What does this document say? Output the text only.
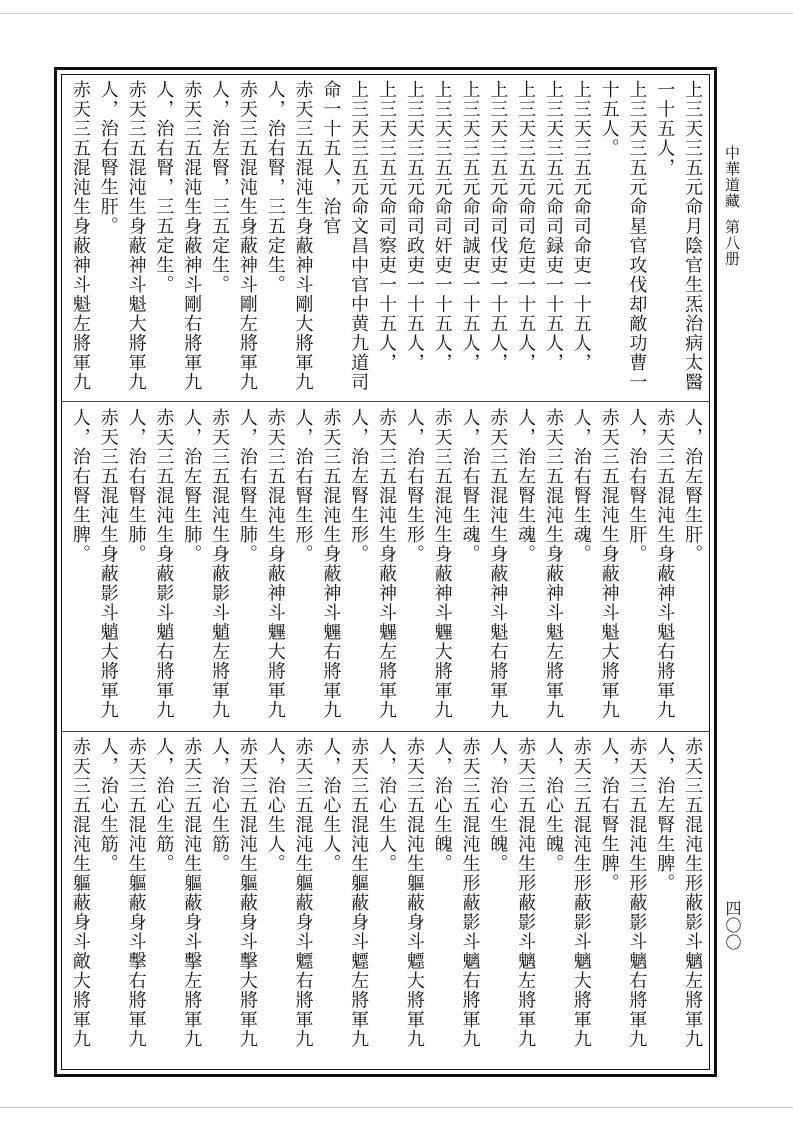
中華道藏第八册
四〇〇
上三天三五元命月陰官生炁治病太醫
一十五人，
上三天三五元命星官攻伐却敵功曹一
十五人。
上三天三五元命司命吏一十五人，
上三天三五元命司録吏一十五人，
上三天三五元命司危吏一十五人，
上三天三五元命司伐吏一十五人，
上三天三五元命司誠吏一十五人，
上三天三五元命司奸吏一十五人，
上三天三五元命司政吏一十五人，
上三天三五元命司察吏一十五人，
上三天三五元命文昌中官中黄九道司
命一十五人，治官
赤天三五混沌生身蔽神斗剛大將軍九
人，治右腎，三五定生。
赤天三五混沌生身蔽神斗剛左將軍九
人，治左腎，三五定生。
赤天三五混沌生身蔽神斗剛右將軍九
人，治右腎，三五定生。
赤天三五混沌生身蔽神斗魁大將軍九
人，治右腎生肝。
赤天三五混沌生身蔽神斗魁左將軍九
人，治左腎生肝。
赤天三五混沌生身蔽神斗魁右將軍九
人，治右腎生肝。
赤天三五混沌生身蔽神斗魁大將軍九
人，治右腎生魂。
赤天三五混沌生身蔽神斗魁左將軍九
人，治左腎生魂。
赤天三五混沌生身蔽神斗魁右將軍九
人，治右腎生魂。
赤天三五混沌生身蔽神斗魓大將軍九
人，治右腎生形。
赤天三五混沌生身蔽神斗魓左將軍九
人，治左腎生形。
赤天三五混沌生身蔽神斗魓右將軍九
人，治右腎生形。
赤天三五混沌生身蔽神斗魓大將軍九
人，治右腎生肺。
赤天三五混沌生身蔽影斗魈左將軍九
人，治左腎生肺。
赤天三五混沌生身蔽影斗魈右將軍九
人，治右腎生肺。
赤天三五混沌生身蔽影斗魈大將軍九
人，治右腎生脾。
赤天三五混沌生形蔽影斗魑左將軍九
人，治左腎生脾。
赤天三五混沌生形蔽影斗魑右將軍九
人，治右腎生脾。
赤天三五混沌生形蔽影斗魑大將軍九
人，治心生魄。
赤天三五混沌生形蔽影斗魑左將軍九
人，治心生魄。
赤天三五混沌生形蔽影斗魑右將軍九
人，治心生魄。
赤天三五混沌生軀蔽身斗魒大將軍九
人，治心生人。
赤天三五混沌生軀蔽身斗魒左將軍九
人，治心生人。
赤天三五混沌生軀蔽身斗魒右將軍九
人，治心生人。
赤天三五混沌生軀蔽身斗擊大將軍九
人，治心生筋。
赤天三五混沌生軀蔽身斗擊左將軍九
人，治心生筋。
赤天三五混沌生軀蔽身斗擊右將軍九
人，治心生筋。
赤天三五混沌生軀蔽身斗敵大將軍九
